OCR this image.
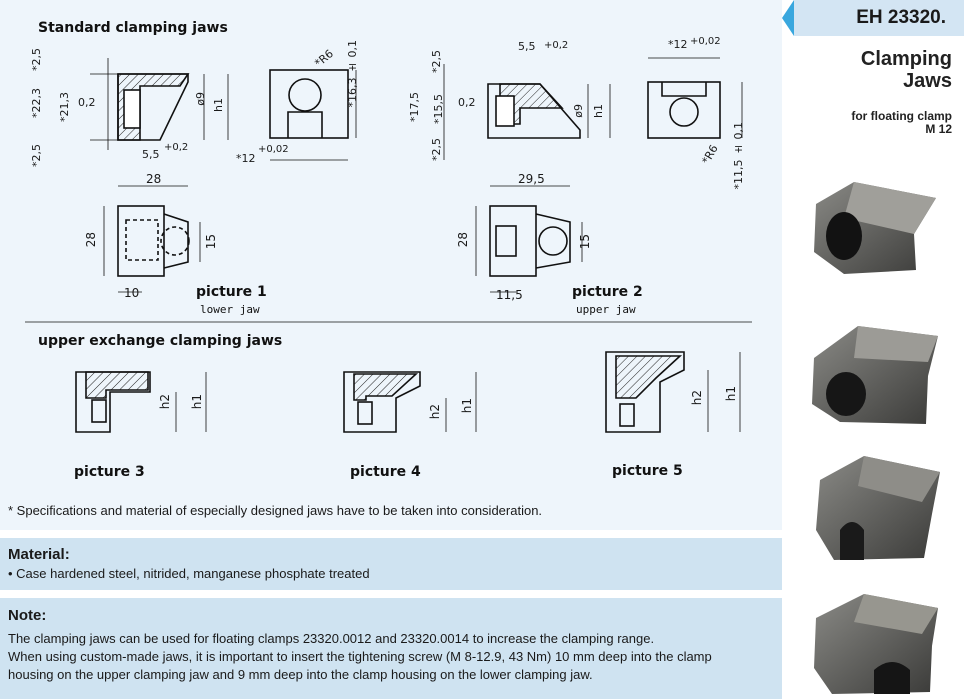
Standard clamping jaws
*2,5
*22,3 *21,3 0,2
*2,5	5,5
+0,2
ø9 h1
*R6 *16,3 ± 0,1
*12
+0,02
5,5 +0,2
*2,5
*17,5 *15,5 0,2
*2,5
ø9 h1
*12 +0,02
*R6 *11,5 ± 0,1
28
28
10
15
29,5
28
11,5
15
h2 h1
h2 h1
h2 h1
picture 1
lower jaw
picture 2
upper jaw
upper exchange clamping jaws
picture 3	picture 4	picture 5
* Specifications and material of especially designed jaws have to be taken into consideration.
Material:
• Case hardened steel, nitrided, manganese phosphate treated
Note:
The clamping jaws can be used for floating clamps 23320.0012 and 23320.0014 to increase the clamping range.
When using custom-made jaws, it is important to insert the tightening screw (M 8-12.9, 43 Nm) 10 mm deep into the clamp
housing on the upper clamping jaw and 9 mm deep into the clamp housing on the lower clamping jaw.
EH 23320.
Clamping
Jaws
for floating clamp
M 12
